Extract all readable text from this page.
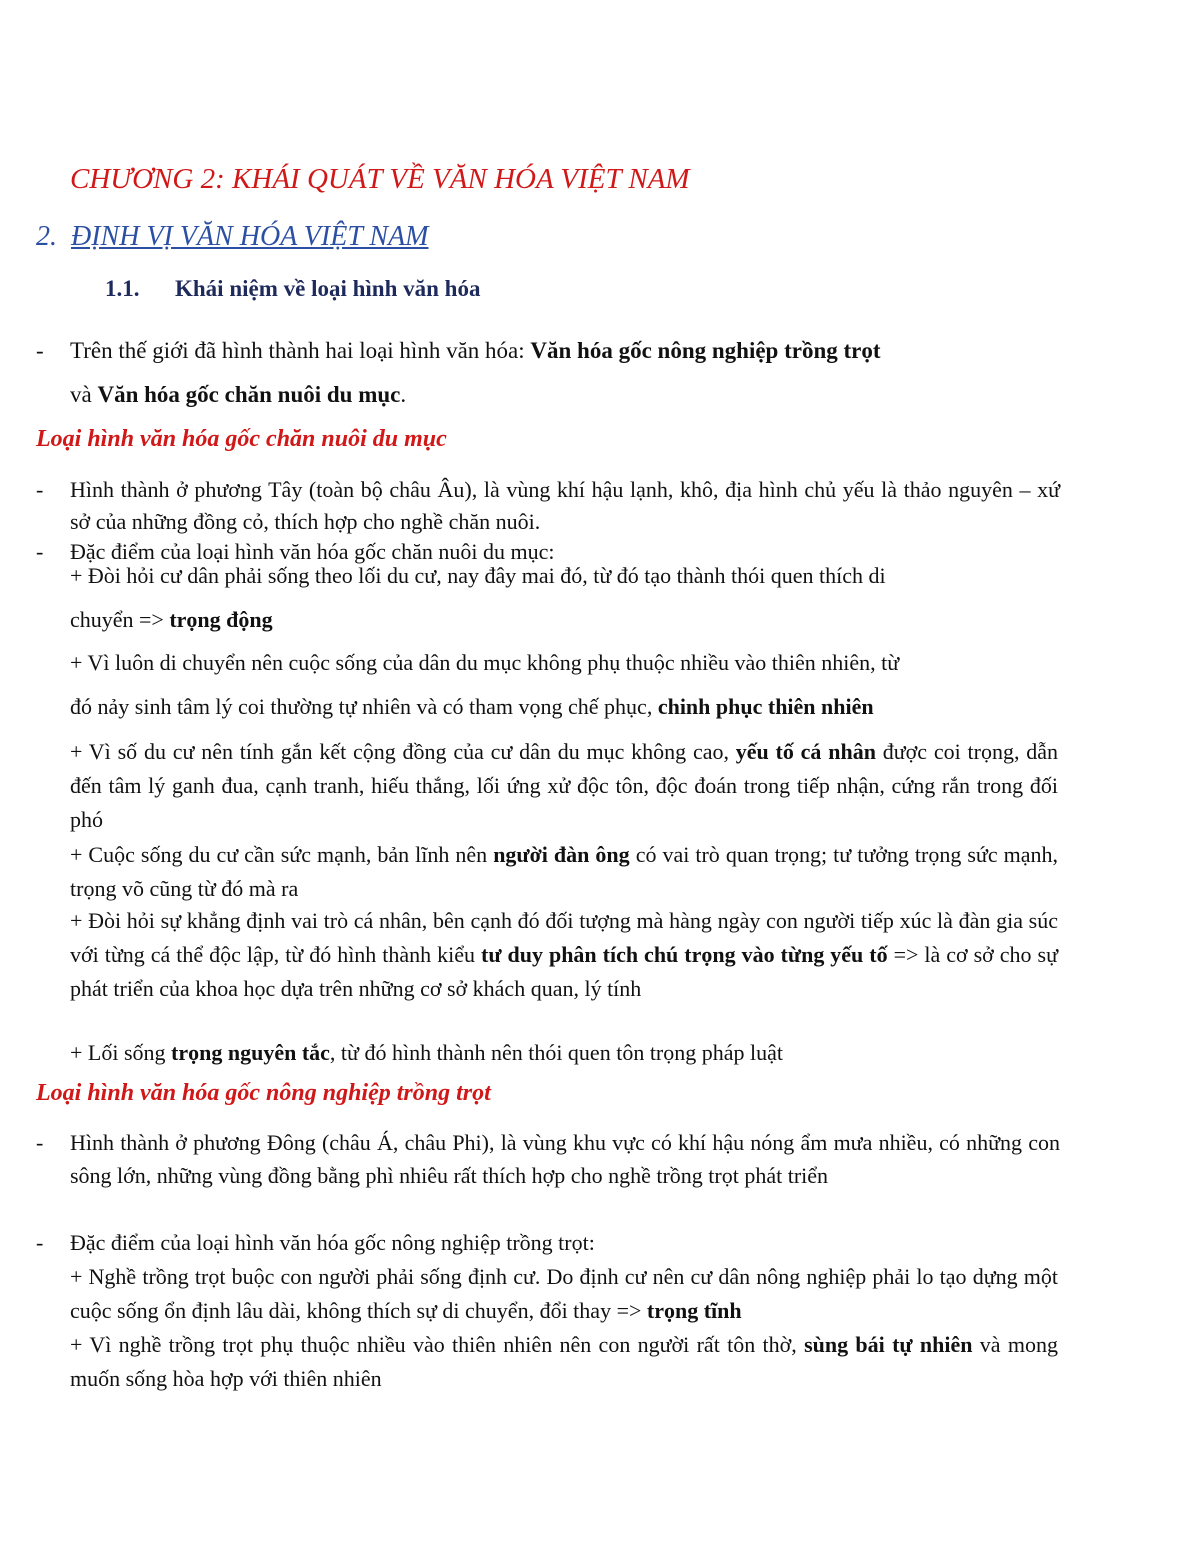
CHƯƠNG 2: KHÁI QUÁT VỀ VĂN HÓA VIỆT NAM
2. ĐỊNH VỊ VĂN HÓA VIỆT NAM
1.1. Khái niệm về loại hình văn hóa
- Trên thế giới đã hình thành hai loại hình văn hóa: Văn hóa gốc nông nghiệp trồng trọt
và Văn hóa gốc chăn nuôi du mục.
Loại hình văn hóa gốc chăn nuôi du mục
- Hình thành ở phương Tây (toàn bộ châu Âu), là vùng khí hậu lạnh, khô, địa hình chủ yếu là thảo nguyên – xứ sở của những đồng cỏ, thích hợp cho nghề chăn nuôi.
- Đặc điểm của loại hình văn hóa gốc chăn nuôi du mục:
+ Đòi hỏi cư dân phải sống theo lối du cư, nay đây mai đó, từ đó tạo thành thói quen thích di
chuyển => trọng động
+ Vì luôn di chuyển nên cuộc sống của dân du mục không phụ thuộc nhiều vào thiên nhiên, từ
đó nảy sinh tâm lý coi thường tự nhiên và có tham vọng chế phục, chinh phục thiên nhiên
+ Vì số du cư nên tính gắn kết cộng đồng của cư dân du mục không cao, yếu tố cá nhân được coi trọng, dẫn đến tâm lý ganh đua, cạnh tranh, hiếu thắng, lối ứng xử độc tôn, độc đoán trong tiếp nhận, cứng rắn trong đối phó
+ Cuộc sống du cư cần sức mạnh, bản lĩnh nên người đàn ông có vai trò quan trọng; tư tưởng trọng sức mạnh, trọng võ cũng từ đó mà ra
+ Đòi hỏi sự khẳng định vai trò cá nhân, bên cạnh đó đối tượng mà hàng ngày con người tiếp xúc là đàn gia súc với từng cá thể độc lập, từ đó hình thành kiểu tư duy phân tích chú trọng vào từng yếu tố => là cơ sở cho sự phát triển của khoa học dựa trên những cơ sở khách quan, lý tính
+ Lối sống trọng nguyên tắc, từ đó hình thành nên thói quen tôn trọng pháp luật
Loại hình văn hóa gốc nông nghiệp trồng trọt
- Hình thành ở phương Đông (châu Á, châu Phi), là vùng khu vực có khí hậu nóng ẩm mưa nhiều, có những con sông lớn, những vùng đồng bằng phì nhiêu rất thích hợp cho nghề trồng trọt phát triển
- Đặc điểm của loại hình văn hóa gốc nông nghiệp trồng trọt:
+ Nghề trồng trọt buộc con người phải sống định cư. Do định cư nên cư dân nông nghiệp phải lo tạo dựng một cuộc sống ổn định lâu dài, không thích sự di chuyển, đổi thay => trọng tĩnh
+ Vì nghề trồng trọt phụ thuộc nhiều vào thiên nhiên nên con người rất tôn thờ, sùng bái tự nhiên và mong muốn sống hòa hợp với thiên nhiên
